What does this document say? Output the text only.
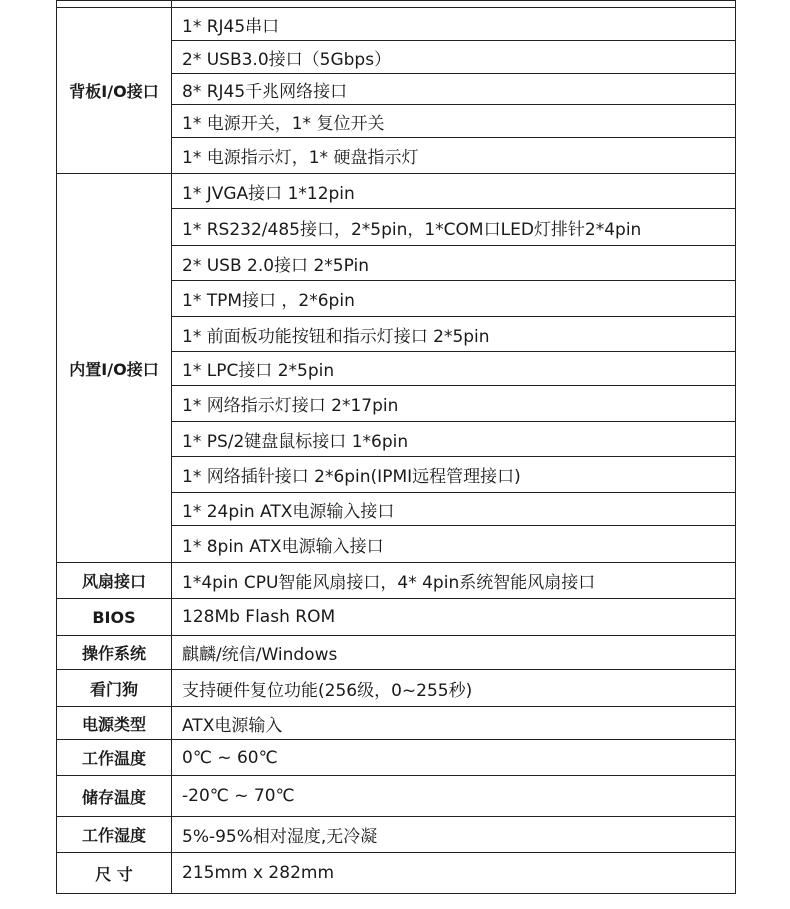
背板I/O接口	1* RJ45串口
	2* USB3.0接口（5Gbps）
	8* RJ45千兆网络接口
	1* 电源开关，1* 复位开关
	1* 电源指示灯，1* 硬盘指示灯
内置I/O接口	1* JVGA接口 1*12pin
	1* RS232/485接口，2*5pin，1*COM口LED灯排针2*4pin
	2* USB 2.0接口 2*5Pin
	1* TPM接口 ，2*6pin
	1* 前面板功能按钮和指示灯接口 2*5pin
	1* LPC接口 2*5pin
	1* 网络指示灯接口 2*17pin
	1* PS/2键盘鼠标接口 1*6pin
	1* 网络插针接口 2*6pin(IPMI远程管理接口)
	1* 24pin ATX电源输入接口
	1* 8pin ATX电源输入接口
风扇接口	1*4pin CPU智能风扇接口，4* 4pin系统智能风扇接口
BIOS	128Mb Flash ROM
操作系统	麒麟/统信/Windows
看门狗	支持硬件复位功能(256级，0~255秒)
电源类型	ATX电源输入
工作温度	0℃ ~ 60℃
储存温度	-20℃ ~ 70℃
工作湿度	5%-95%相对湿度,无冷凝
尺 寸	215mm x 282mm
